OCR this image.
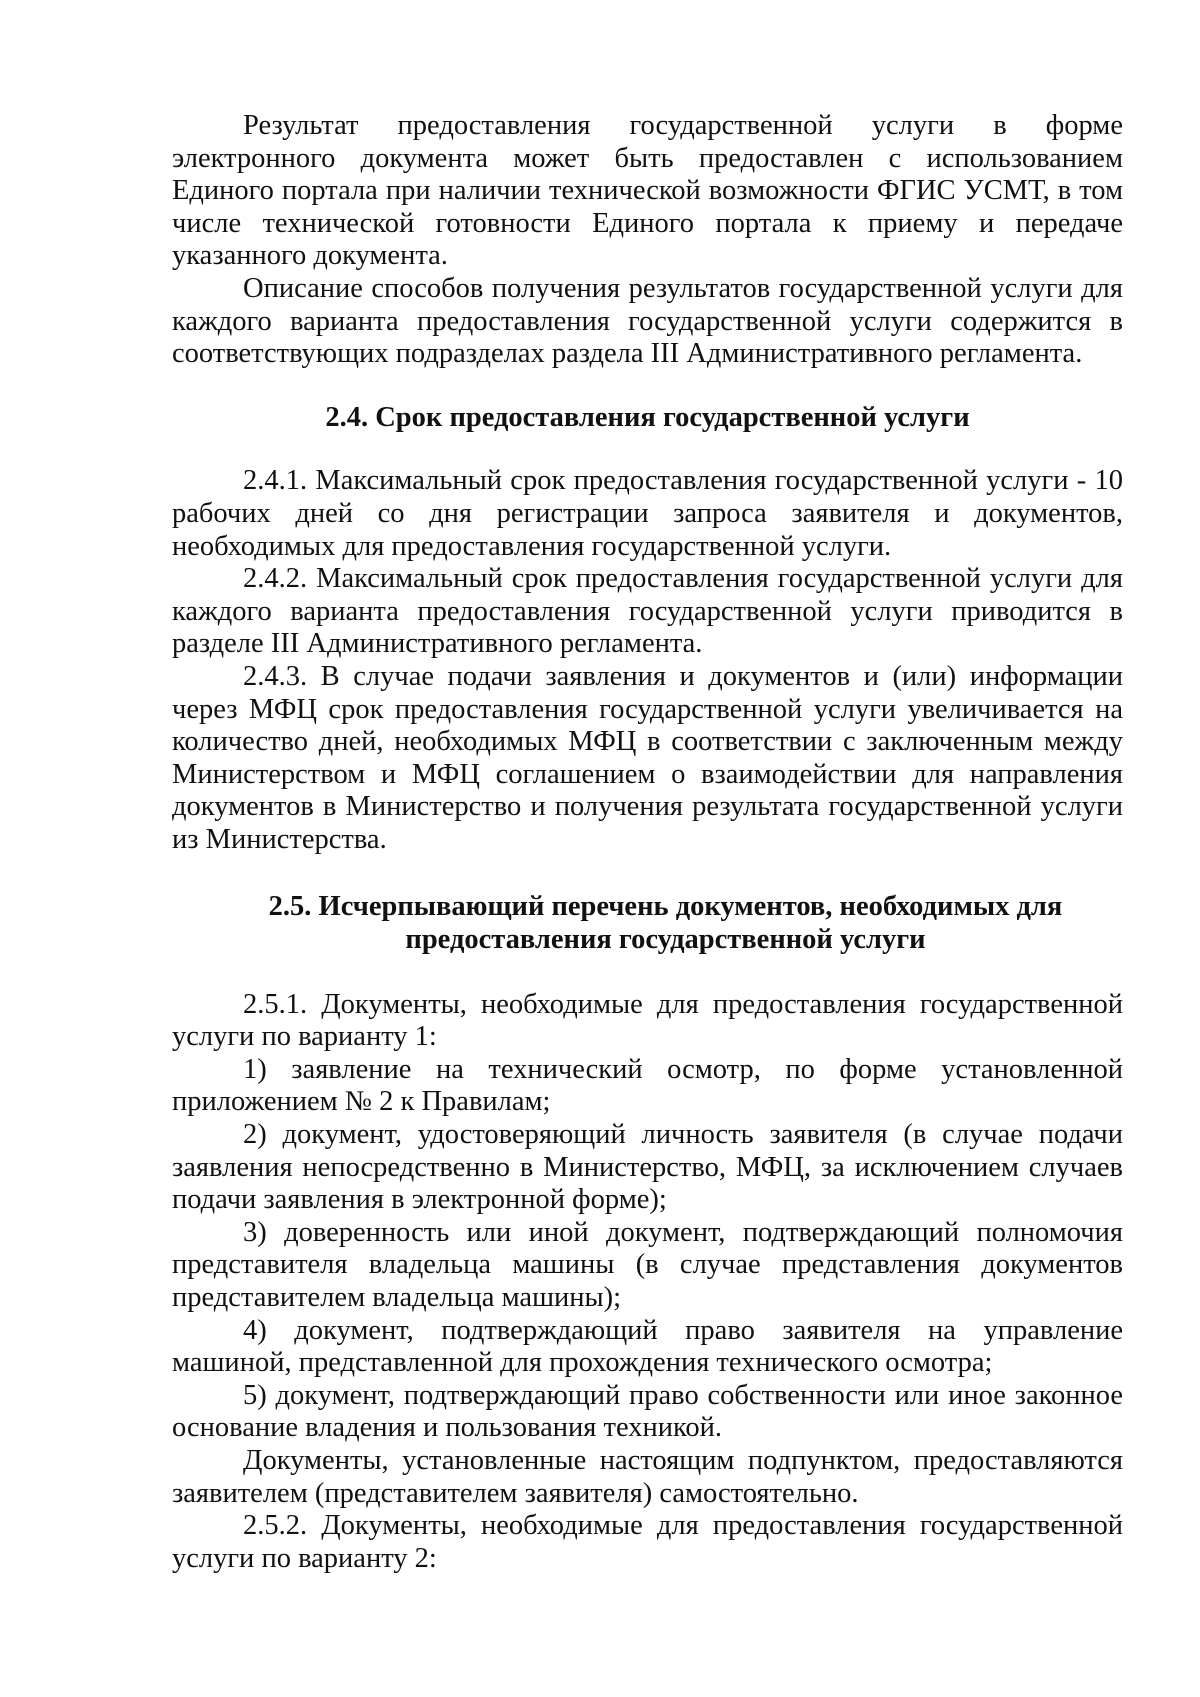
Результат предоставления государственной услуги в форме электронного документа может быть предоставлен с использованием Единого портала при наличии технической возможности ФГИС УСМТ, в том числе технической готовности Единого портала к приему и передаче указанного документа.

Описание способов получения результатов государственной услуги для каждого варианта предоставления государственной услуги содержится в соответствующих подразделах раздела III Административного регламента.

2.4. Срок предоставления государственной услуги

2.4.1. Максимальный срок предоставления государственной услуги - 10 рабочих дней со дня регистрации запроса заявителя и документов, необходимых для предоставления государственной услуги.

2.4.2. Максимальный срок предоставления государственной услуги для каждого варианта предоставления государственной услуги приводится в разделе III Административного регламента.

2.4.3. В случае подачи заявления и документов и (или) информации через МФЦ срок предоставления государственной услуги увеличивается на количество дней, необходимых МФЦ в соответствии с заключенным между Министерством и МФЦ соглашением о взаимодействии для направления документов в Министерство и получения результата государственной услуги из Министерства.

2.5. Исчерпывающий перечень документов, необходимых для
предоставления государственной услуги

2.5.1. Документы, необходимые для предоставления государственной услуги по варианту 1:

1) заявление на технический осмотр, по форме установленной приложением № 2 к Правилам;

2) документ, удостоверяющий личность заявителя (в случае подачи заявления непосредственно в Министерство, МФЦ, за исключением случаев подачи заявления в электронной форме);

3) доверенность или иной документ, подтверждающий полномочия представителя владельца машины (в случае представления документов представителем владельца машины);

4) документ, подтверждающий право заявителя на управление машиной, представленной для прохождения технического осмотра;

5) документ, подтверждающий право собственности или иное законное основание владения и пользования техникой.

Документы, установленные настоящим подпунктом, предоставляются заявителем (представителем заявителя) самостоятельно.

2.5.2. Документы, необходимые для предоставления государственной услуги по варианту 2:
